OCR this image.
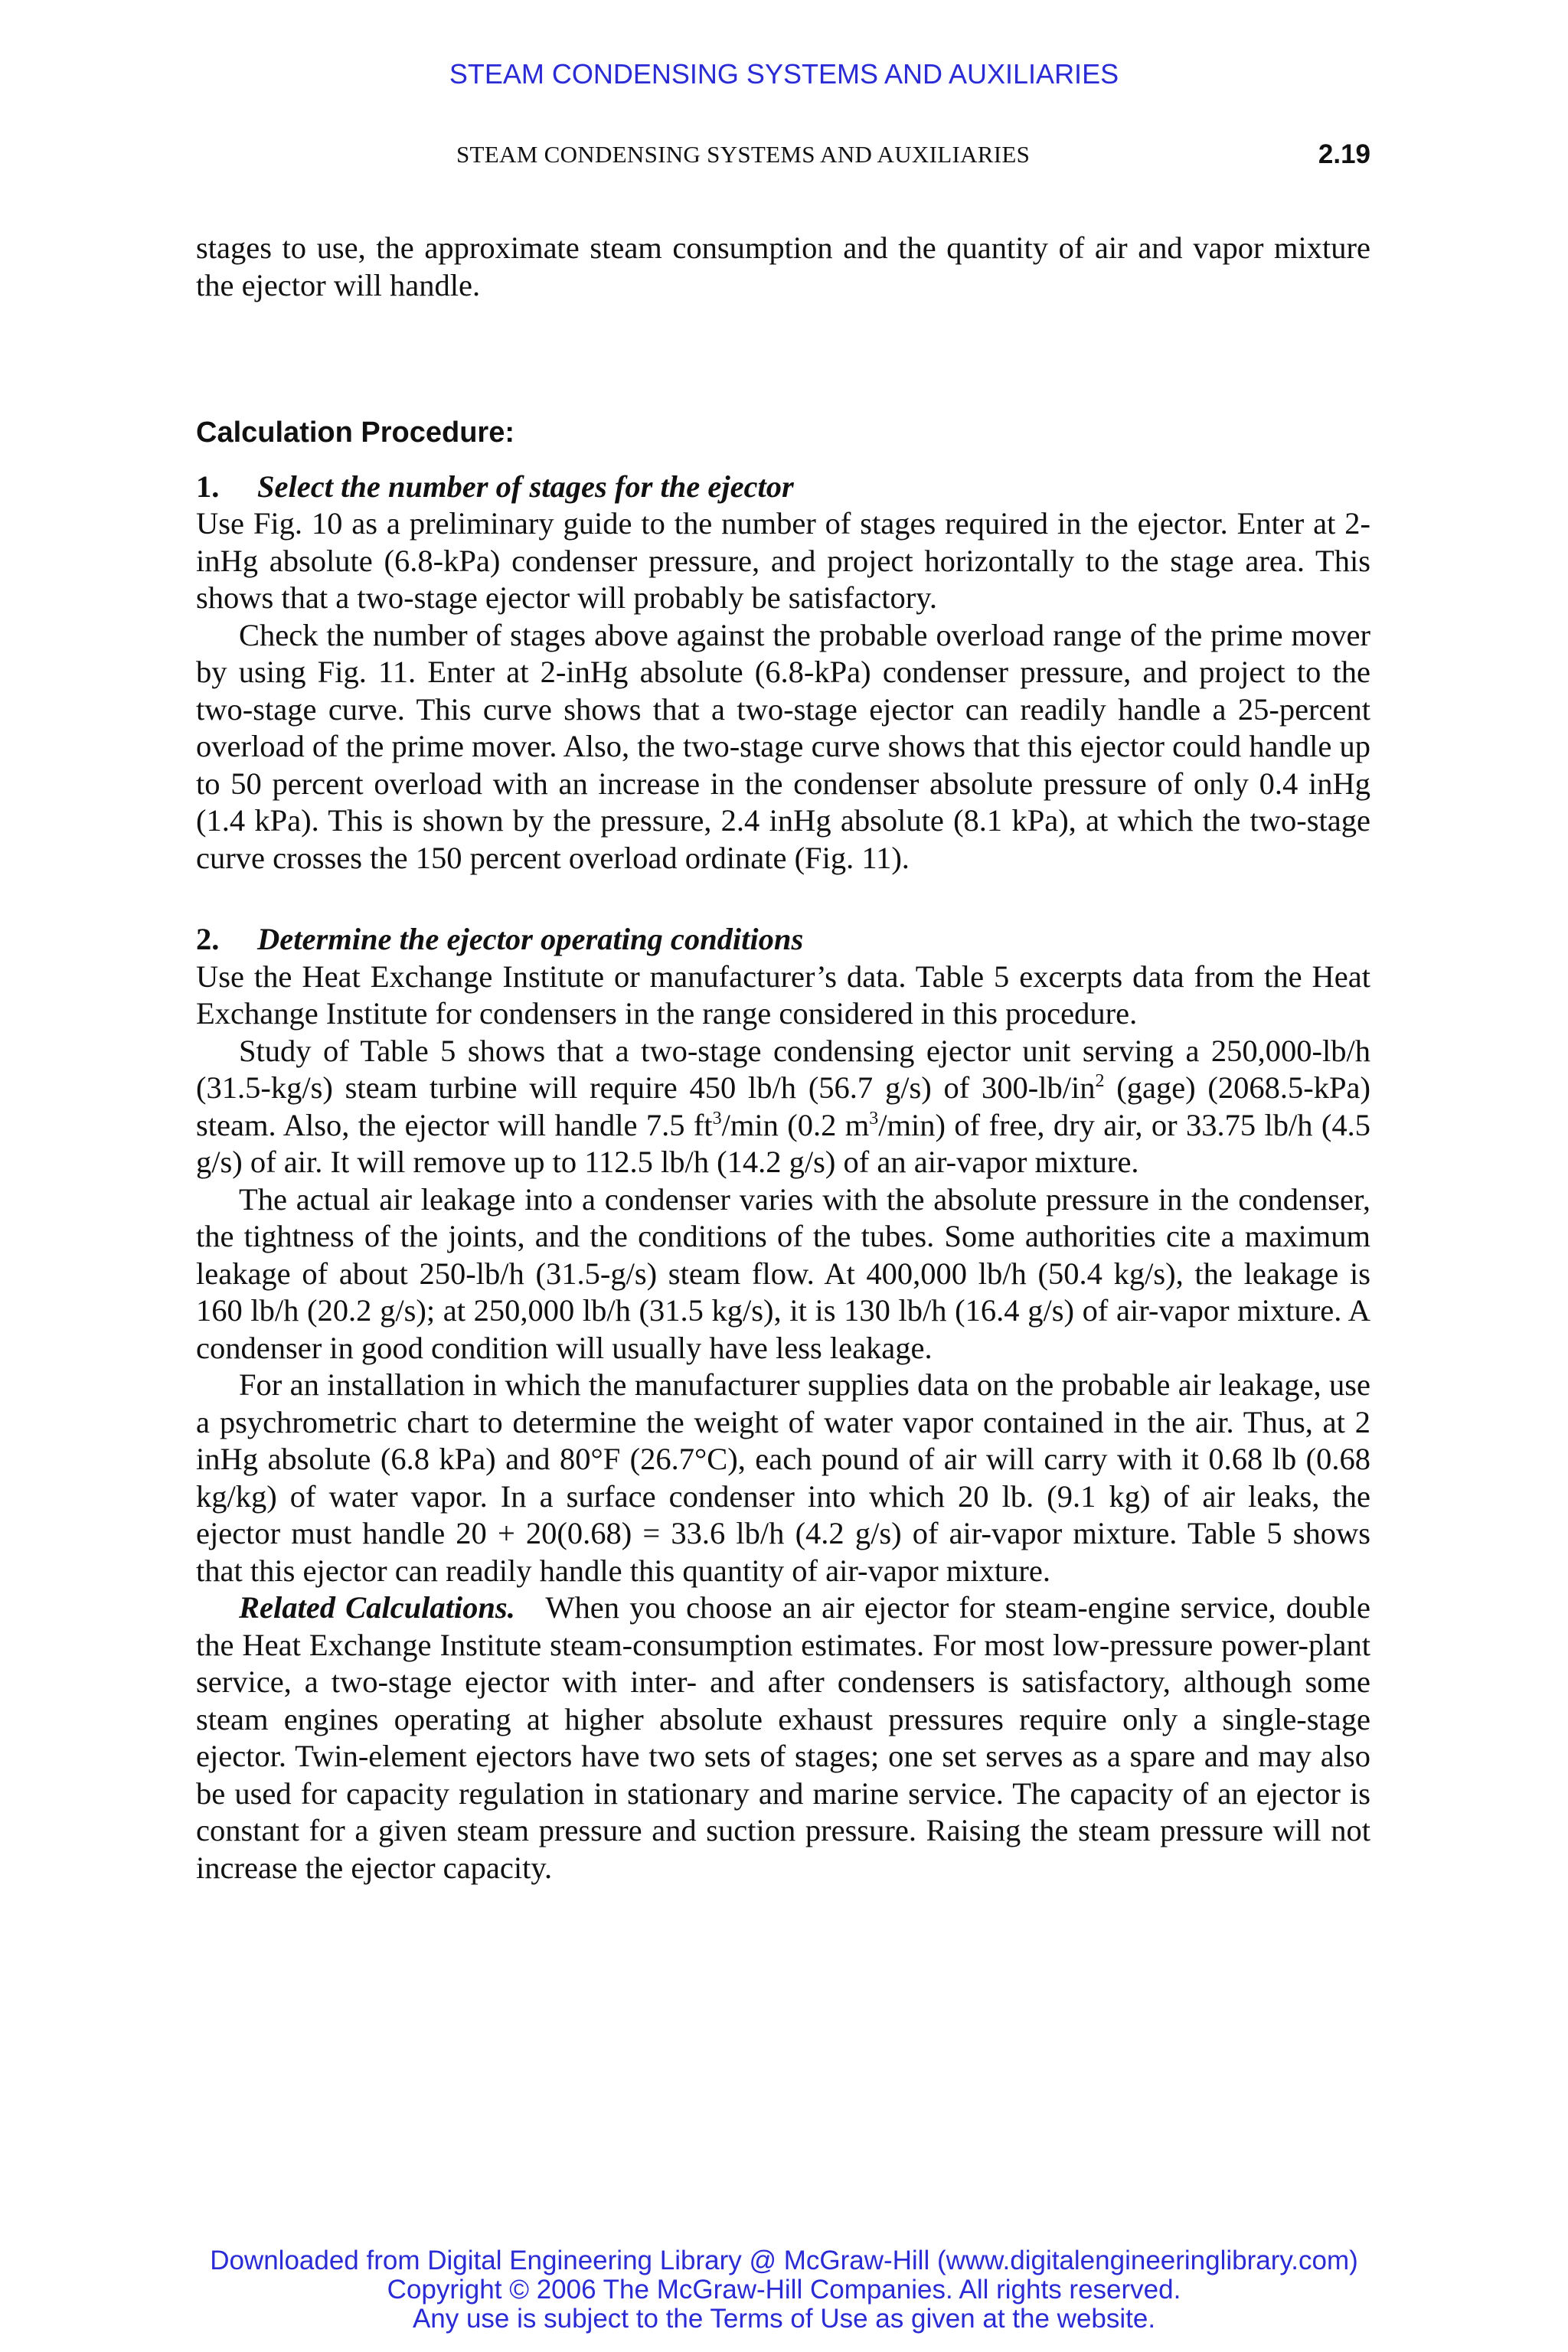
STEAM CONDENSING SYSTEMS AND AUXILIARIES
STEAM CONDENSING SYSTEMS AND AUXILIARIES	2.19

stages to use, the approximate steam consumption and the quantity of air and vapor mixture the ejector will handle.

Calculation Procedure:
1. Select the number of stages for the ejector

Use Fig. 10 as a preliminary guide to the number of stages required in the ejector. Enter at 2-inHg absolute (6.8-kPa) condenser pressure, and project horizontally to the stage area. This shows that a two-stage ejector will probably be satisfactory.

Check the number of stages above against the probable overload range of the prime mover by using Fig. 11. Enter at 2-inHg absolute (6.8-kPa) condenser pressure, and project to the two-stage curve. This curve shows that a two-stage ejector can readily handle a 25-percent overload of the prime mover. Also, the two-stage curve shows that this ejector could handle up to 50 percent overload with an increase in the condenser absolute pressure of only 0.4 inHg (1.4 kPa). This is shown by the pressure, 2.4 inHg absolute (8.1 kPa), at which the two-stage curve crosses the 150 percent overload ordinate (Fig. 11).

2. Determine the ejector operating conditions

Use the Heat Exchange Institute or manufacturer’s data. Table 5 excerpts data from the Heat Exchange Institute for condensers in the range considered in this procedure.

Study of Table 5 shows that a two-stage condensing ejector unit serving a 250,000-lb/h (31.5-kg/s) steam turbine will require 450 lb/h (56.7 g/s) of $300-lb/in^2$ (gage) (2068.5-kPa) steam. Also, the ejector will handle 7.5 $ft^3/\min$ (0.2 $m^3/\min$) of free, dry air, or 33.75 lb/h (4.5 g/s) of air. It will remove up to 112.5 lb/h (14.2 g/s) of an air-vapor mixture.

The actual air leakage into a condenser varies with the absolute pressure in the condenser, the tightness of the joints, and the conditions of the tubes. Some authorities cite a maximum leakage of about 250-lb/h (31.5-g/s) steam flow. At 400,000 lb/h (50.4 kg/s), the leakage is 160 lb/h (20.2 g/s); at 250,000 lb/h (31.5 kg/s), it is 130 lb/h (16.4 g/s) of air-vapor mixture. A condenser in good condition will usually have less leakage.

For an installation in which the manufacturer supplies data on the probable air leakage, use a psychrometric chart to determine the weight of water vapor contained in the air. Thus, at 2 inHg absolute (6.8 kPa) and 80°F (26.7°C), each pound of air will carry with it 0.68 lb (0.68 kg/kg) of water vapor. In a surface condenser into which 20 lb. (9.1 kg) of air leaks, the ejector must handle 20 + 20(0.68) = 33.6 lb/h (4.2 g/s) of air-vapor mixture. Table 5 shows that this ejector can readily handle this quantity of air-vapor mixture.

Related Calculations. When you choose an air ejector for steam-engine service, double the Heat Exchange Institute steam-consumption estimates. For most low-pressure power-plant service, a two-stage ejector with inter- and after condensers is satisfactory, although some steam engines operating at higher absolute exhaust pressures require only a single-stage ejector. Twin-element ejectors have two sets of stages; one set serves as a spare and may also be used for capacity regulation in stationary and marine service. The capacity of an ejector is constant for a given steam pressure and suction pressure. Raising the steam pressure will not increase the ejector capacity.

Downloaded from Digital Engineering Library @ McGraw-Hill (www.digitalengineeringlibrary.com)
Copyright © 2006 The McGraw-Hill Companies. All rights reserved.
Any use is subject to the Terms of Use as given at the website.
